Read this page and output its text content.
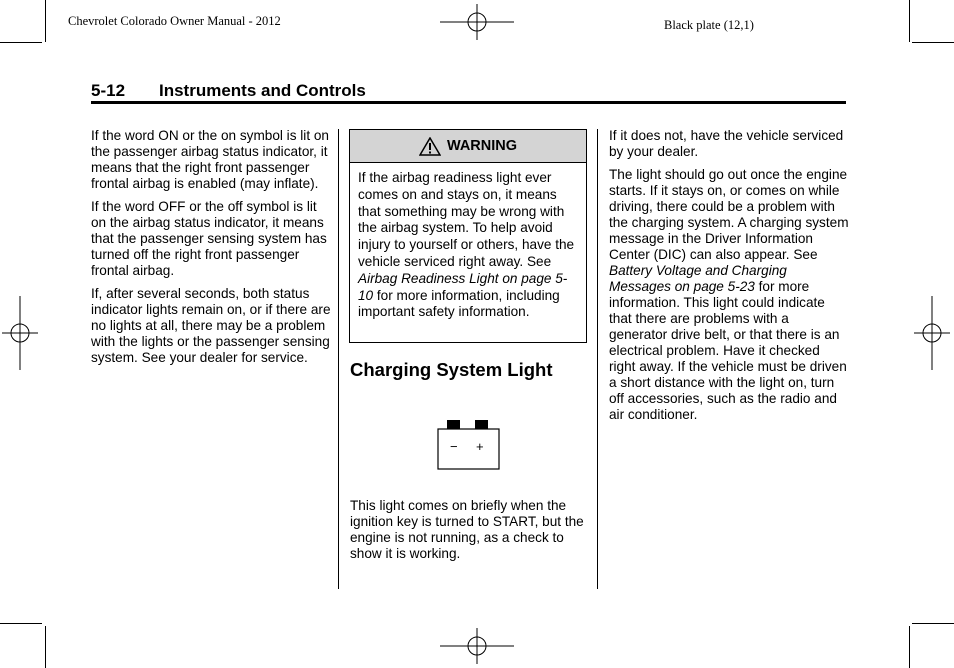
Chevrolet Colorado Owner Manual - 2012	Black plate (12,1)
5-12 Instruments and Controls

If the word ON or the on symbol is lit on the passenger airbag status indicator, it means that the right front passenger frontal airbag is enabled (may inflate).

If the word OFF or the off symbol is lit on the airbag status indicator, it means that the passenger sensing system has turned off the right front passenger frontal airbag.

If, after several seconds, both status indicator lights remain on, or if there are no lights at all, there may be a problem with the lights or the passenger sensing system. See your dealer for service.

WARNING
If the airbag readiness light ever comes on and stays on, it means that something may be wrong with the airbag system. To help avoid injury to yourself or others, have the vehicle serviced right away. See Airbag Readiness Light on page 5-10 for more information, including important safety information.
Charging System Light
− +

This light comes on briefly when the ignition key is turned to START, but the engine is not running, as a check to show it is working.

If it does not, have the vehicle serviced by your dealer.

The light should go out once the engine starts. If it stays on, or comes on while driving, there could be a problem with the charging system. A charging system message in the Driver Information Center (DIC) can also appear. See Battery Voltage and Charging Messages on page 5-23 for more information. This light could indicate that there are problems with a generator drive belt, or that there is an electrical problem. Have it checked right away. If the vehicle must be driven a short distance with the light on, turn off accessories, such as the radio and air conditioner.
